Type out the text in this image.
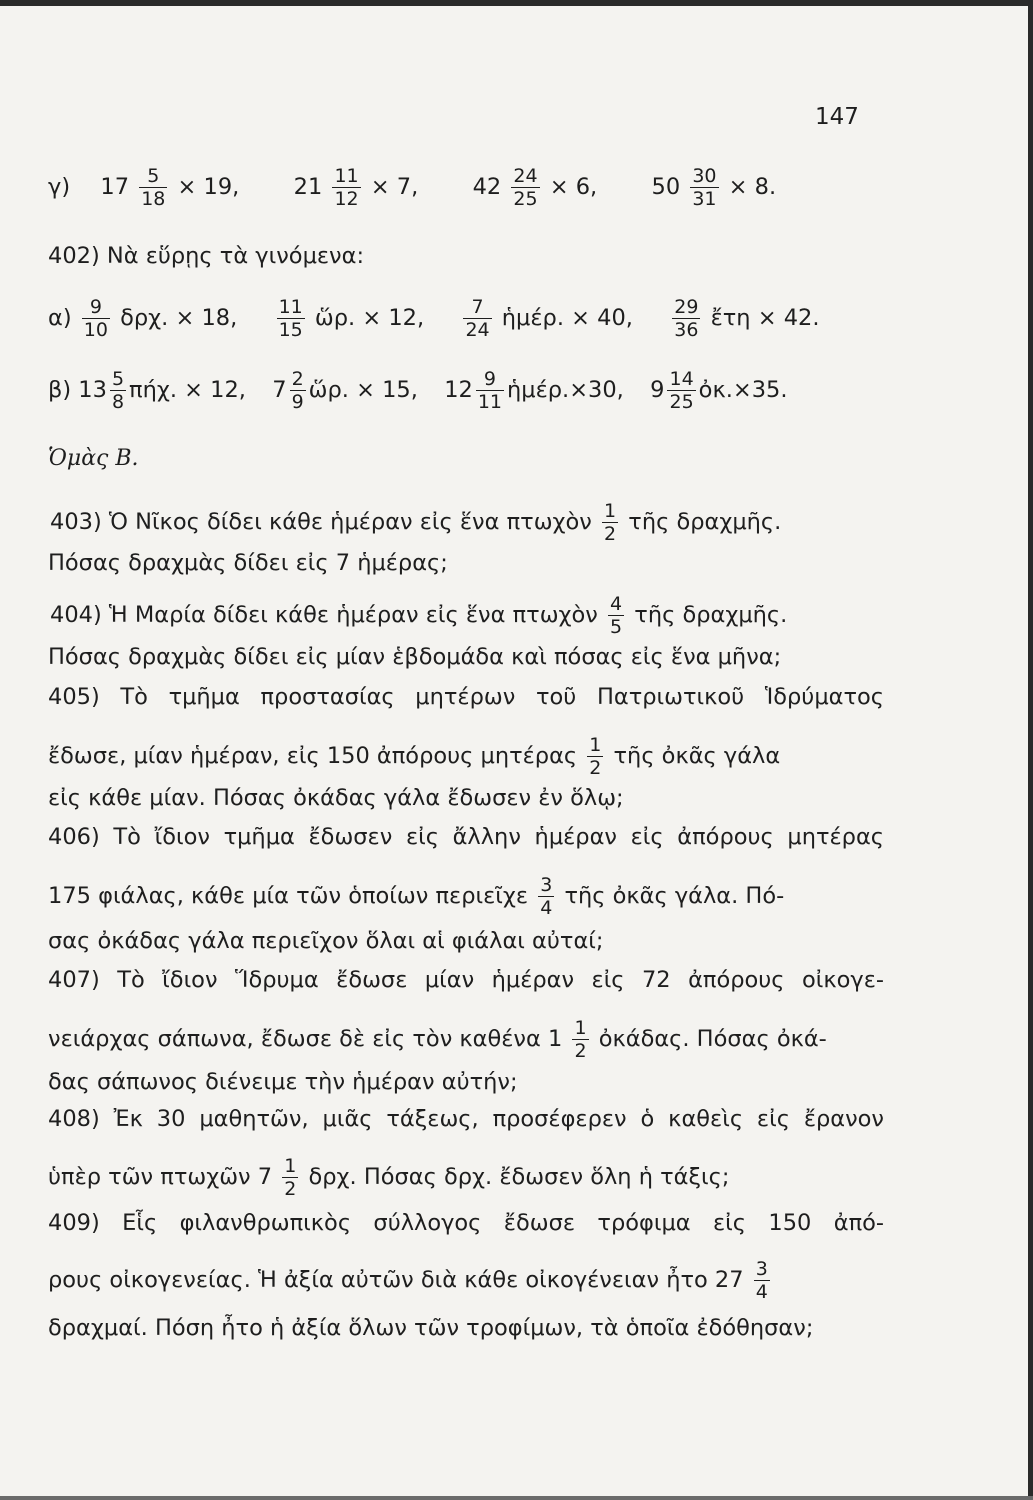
147
γ) $17 \frac{5}{18} \times 19$, $21 \frac{11}{12} \times 7$, $42 \frac{24}{25} \times 6$, $50 \frac{30}{31} \times 8$.
402) Νὰ εὕρῃς τὰ γινόμενα:
$\alpha) \frac{9}{10} \delta\rho\chi$. × 18, $\frac{11}{15}$ ὥρ. × 12, $\frac{7}{24}$ ἡμέρ. × 40, $\frac{29}{36}$ ἔτη × 42.
β) $13 \frac{5}{8} \pi ή\chi$. × 12, $7 \frac{2}{9}$ ὥρ. × 15, $12 \frac{9}{11}$ ἡμέρ.×30, $9 \frac{14}{25}$ ὀκ.×35.
Ὁμὰς Β.
403) Ὁ Νῖκος δίδει κάθε ἡμέραν εἰς ἕνα πτωχὸν $\frac{1}{2}$ τῆς δραχμῆς.
Πόσας δραχμὰς δίδει εἰς 7 ἡμέρας;
404) Ἡ Μαρία δίδει κάθε ἡμέραν εἰς ἕνα πτωχὸν $\frac{4}{5}$ τῆς δραχμῆς.
Πόσας δραχμὰς δίδει εἰς μίαν ἑβδομάδα καὶ πόσας εἰς ἕνα μῆνα;
405) Τὸ τμῆμα προστασίας μητέρων τοῦ Πατριωτικοῦ Ἱδρύματος
ἔδωσε, μίαν ἡμέραν, εἰς 150 ἀπόρους μητέρας $\frac{1}{2}$ τῆς ὀκᾶς γάλα
εἰς κάθε μίαν. Πόσας ὀκάδας γάλα ἔδωσεν ἐν ὅλῳ;
406) Τὸ ἴδιον τμῆμα ἔδωσεν εἰς ἄλλην ἡμέραν εἰς ἀπόρους μητέρας
175 φιάλας, κάθε μία τῶν ὁποίων περιεῖχε $\frac{3}{4}$ τῆς ὀκᾶς γάλα. Πό-
σας ὀκάδας γάλα περιεῖχον ὅλαι αἱ φιάλαι αὐταί;
407) Τὸ ἴδιον Ἵδρυμα ἔδωσε μίαν ἡμέραν εἰς 72 ἀπόρους οἰκογε-
νειάρχας σάπωνα, ἔδωσε δὲ εἰς τὸν καθένα $1 \frac{1}{2}$ ὀκάδας. Πόσας ὀκά-
δας σάπωνος διένειμε τὴν ἡμέραν αὐτήν;
408) Ἐκ 30 μαθητῶν, μιᾶς τάξεως, προσέφερεν ὁ καθεὶς εἰς ἔρανον
ὑπὲρ τῶν πτωχῶν $7 \frac{1}{2} \delta\rho\chi$. Πόσας δρχ. ἔδωσεν ὅλη ἡ τάξις;
409) Εἷς φιλανθρωπικὸς σύλλογος ἔδωσε τρόφιμα εἰς 150 ἀπό-
ρους οἰκογενείας. Ἡ ἀξία αὐτῶν διὰ κάθε οἰκογένειαν ἦτο $27 \frac{3}{4}$
δραχμαί. Πόση ἦτο ἡ ἀξία ὅλων τῶν τροφίμων, τὰ ὁποῖα ἐδόθησαν;
